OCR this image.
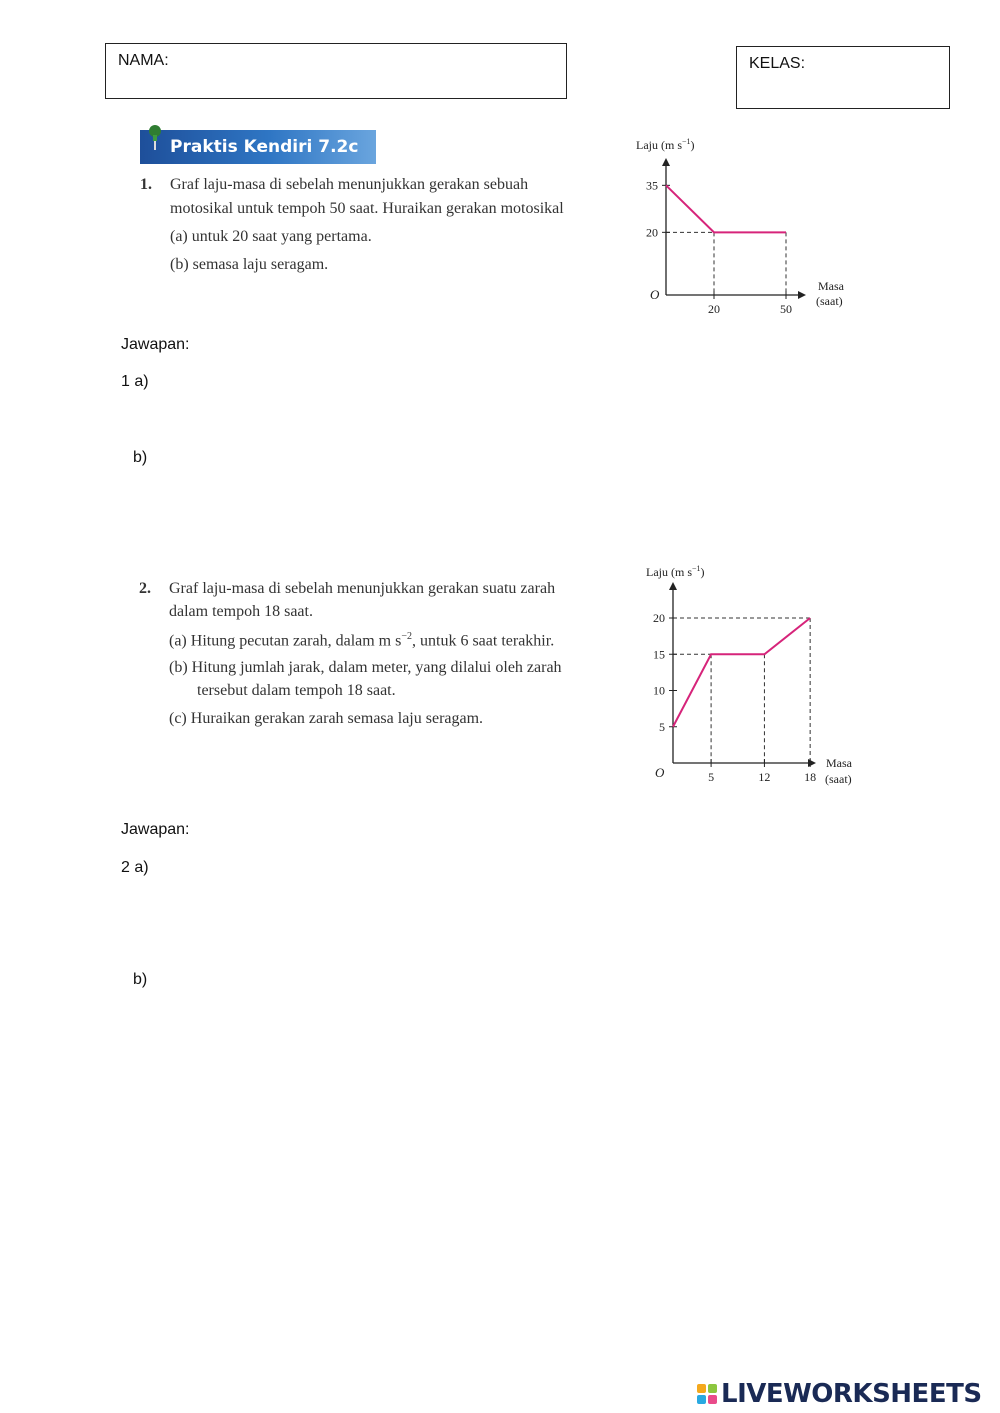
NAMA:	KELAS:
Praktis Kendiri 7.2c
1. Graf laju-masa di sebelah menunjukkan gerakan sebuah
motosikal untuk tempoh 50 saat. Huraikan gerakan motosikal
(a) untuk 20 saat yang pertama.
(b) semasa laju seragam.
20	50
35
20
Laju (m $s^{-1}$)
Masa
(saat)
O
Jawapan:
1 a)
b)
2. Graf laju-masa di sebelah menunjukkan gerakan suatu zarah
dalam tempoh 18 saat.
(a) Hitung pecutan zarah, dalam m $s^{-2}$, untuk 6 saat terakhir.
(b) Hitung jumlah jarak, dalam meter, yang dilalui oleh zarah
tersebut dalam tempoh 18 saat.
(c) Huraikan gerakan zarah semasa laju seragam.
5	12	18
20
15
10
5
Laju (m $s^{-1}$)
Masa
(saat)
O
Jawapan:
2 a)
b)
LIVEWORKSHEETS
